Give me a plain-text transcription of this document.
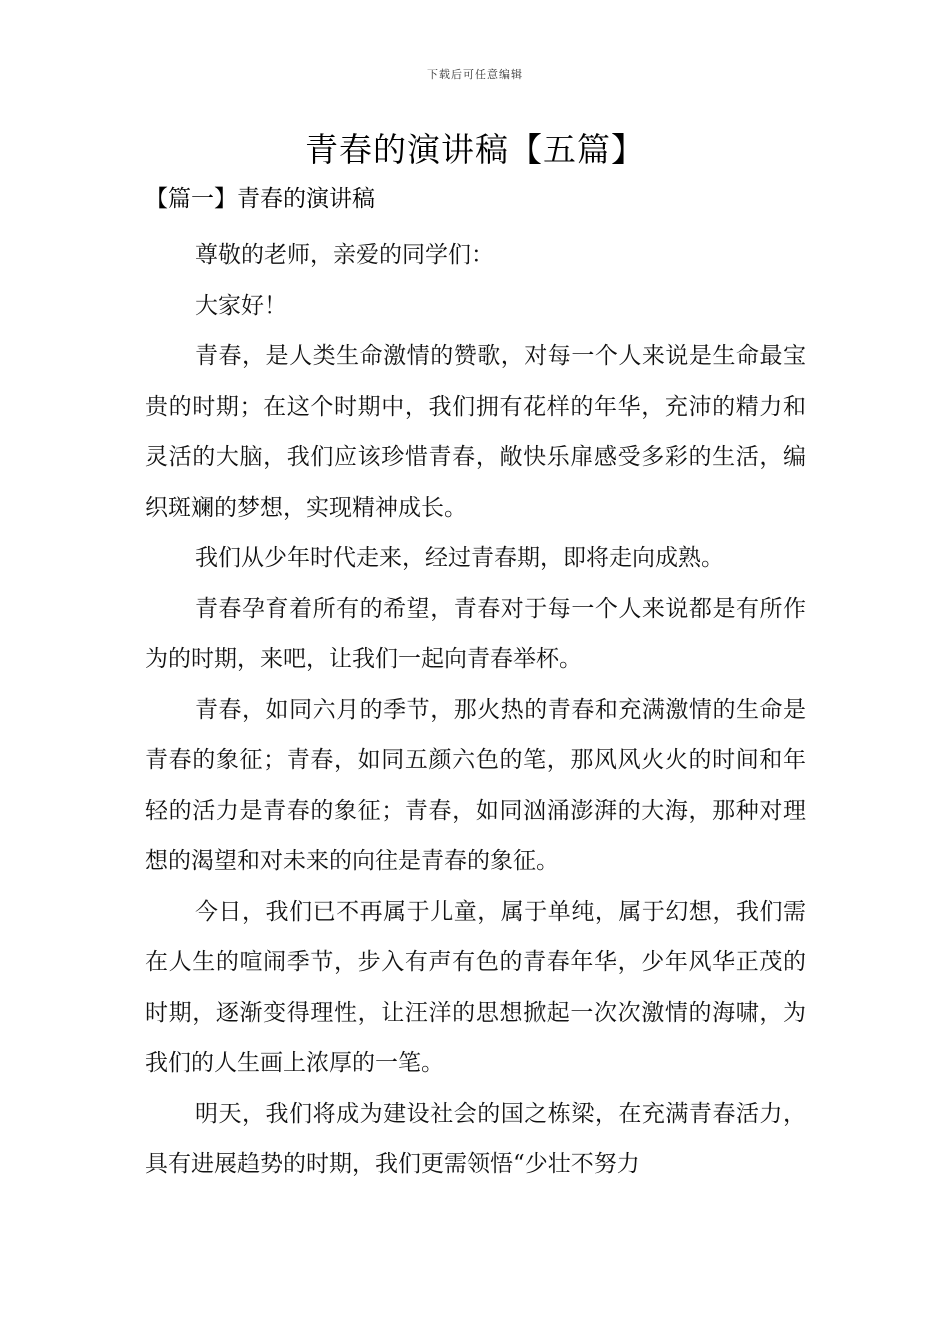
下载后可任意编辑
青春的演讲稿【五篇】
【篇一】青春的演讲稿

尊敬的老师，亲爱的同学们：

大家好！

青春，是人类生命激情的赞歌，对每一个人来说是生命最宝贵的时期；在这个时期中，我们拥有花样的年华，充沛的精力和灵活的大脑，我们应该珍惜青春，敞快乐扉感受多彩的生活，编织斑斓的梦想，实现精神成长。

我们从少年时代走来，经过青春期，即将走向成熟。

青春孕育着所有的希望，青春对于每一个人来说都是有所作为的时期，来吧，让我们一起向青春举杯。

青春，如同六月的季节，那火热的青春和充满激情的生命是青春的象征；青春，如同五颜六色的笔，那风风火火的时间和年轻的活力是青春的象征；青春，如同汹涌澎湃的大海，那种对理想的渴望和对未来的向往是青春的象征。

今日，我们已不再属于儿童，属于单纯，属于幻想，我们需在人生的喧闹季节，步入有声有色的青春年华，少年风华正茂的时期，逐渐变得理性，让汪洋的思想掀起一次次激情的海啸，为我们的人生画上浓厚的一笔。

明天，我们将成为建设社会的国之栋梁，在充满青春活力，具有进展趋势的时期，我们更需领悟“少壮不努力
